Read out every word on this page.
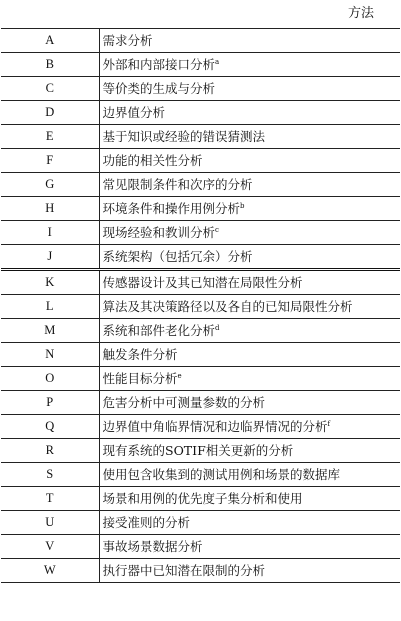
	方法
A	需求分析
B	外部和内部接口分析$^a$
C	等价类的生成与分析
D	边界值分析
E	基于知识或经验的错误猜测法
F	功能的相关性分析
G	常见限制条件和次序的分析
H	环境条件和操作用例分析$^b$
I	现场经验和教训分析$^c$
J	系统架构（包括冗余）分析
K	传感器设计及其已知潜在局限性分析
L	算法及其决策路径以及各自的已知局限性分析
M	系统和部件老化分析$^d$
N	触发条件分析
O	性能目标分析$^e$
P	危害分析中可测量参数的分析
Q	边界值中角临界情况和边临界情况的分析$^f$
R	现有系统的SOTIF相关更新的分析
S	使用包含收集到的测试用例和场景的数据库
T	场景和用例的优先度子集分析和使用
U	接受准则的分析
V	事故场景数据分析
W	执行器中已知潜在限制的分析
